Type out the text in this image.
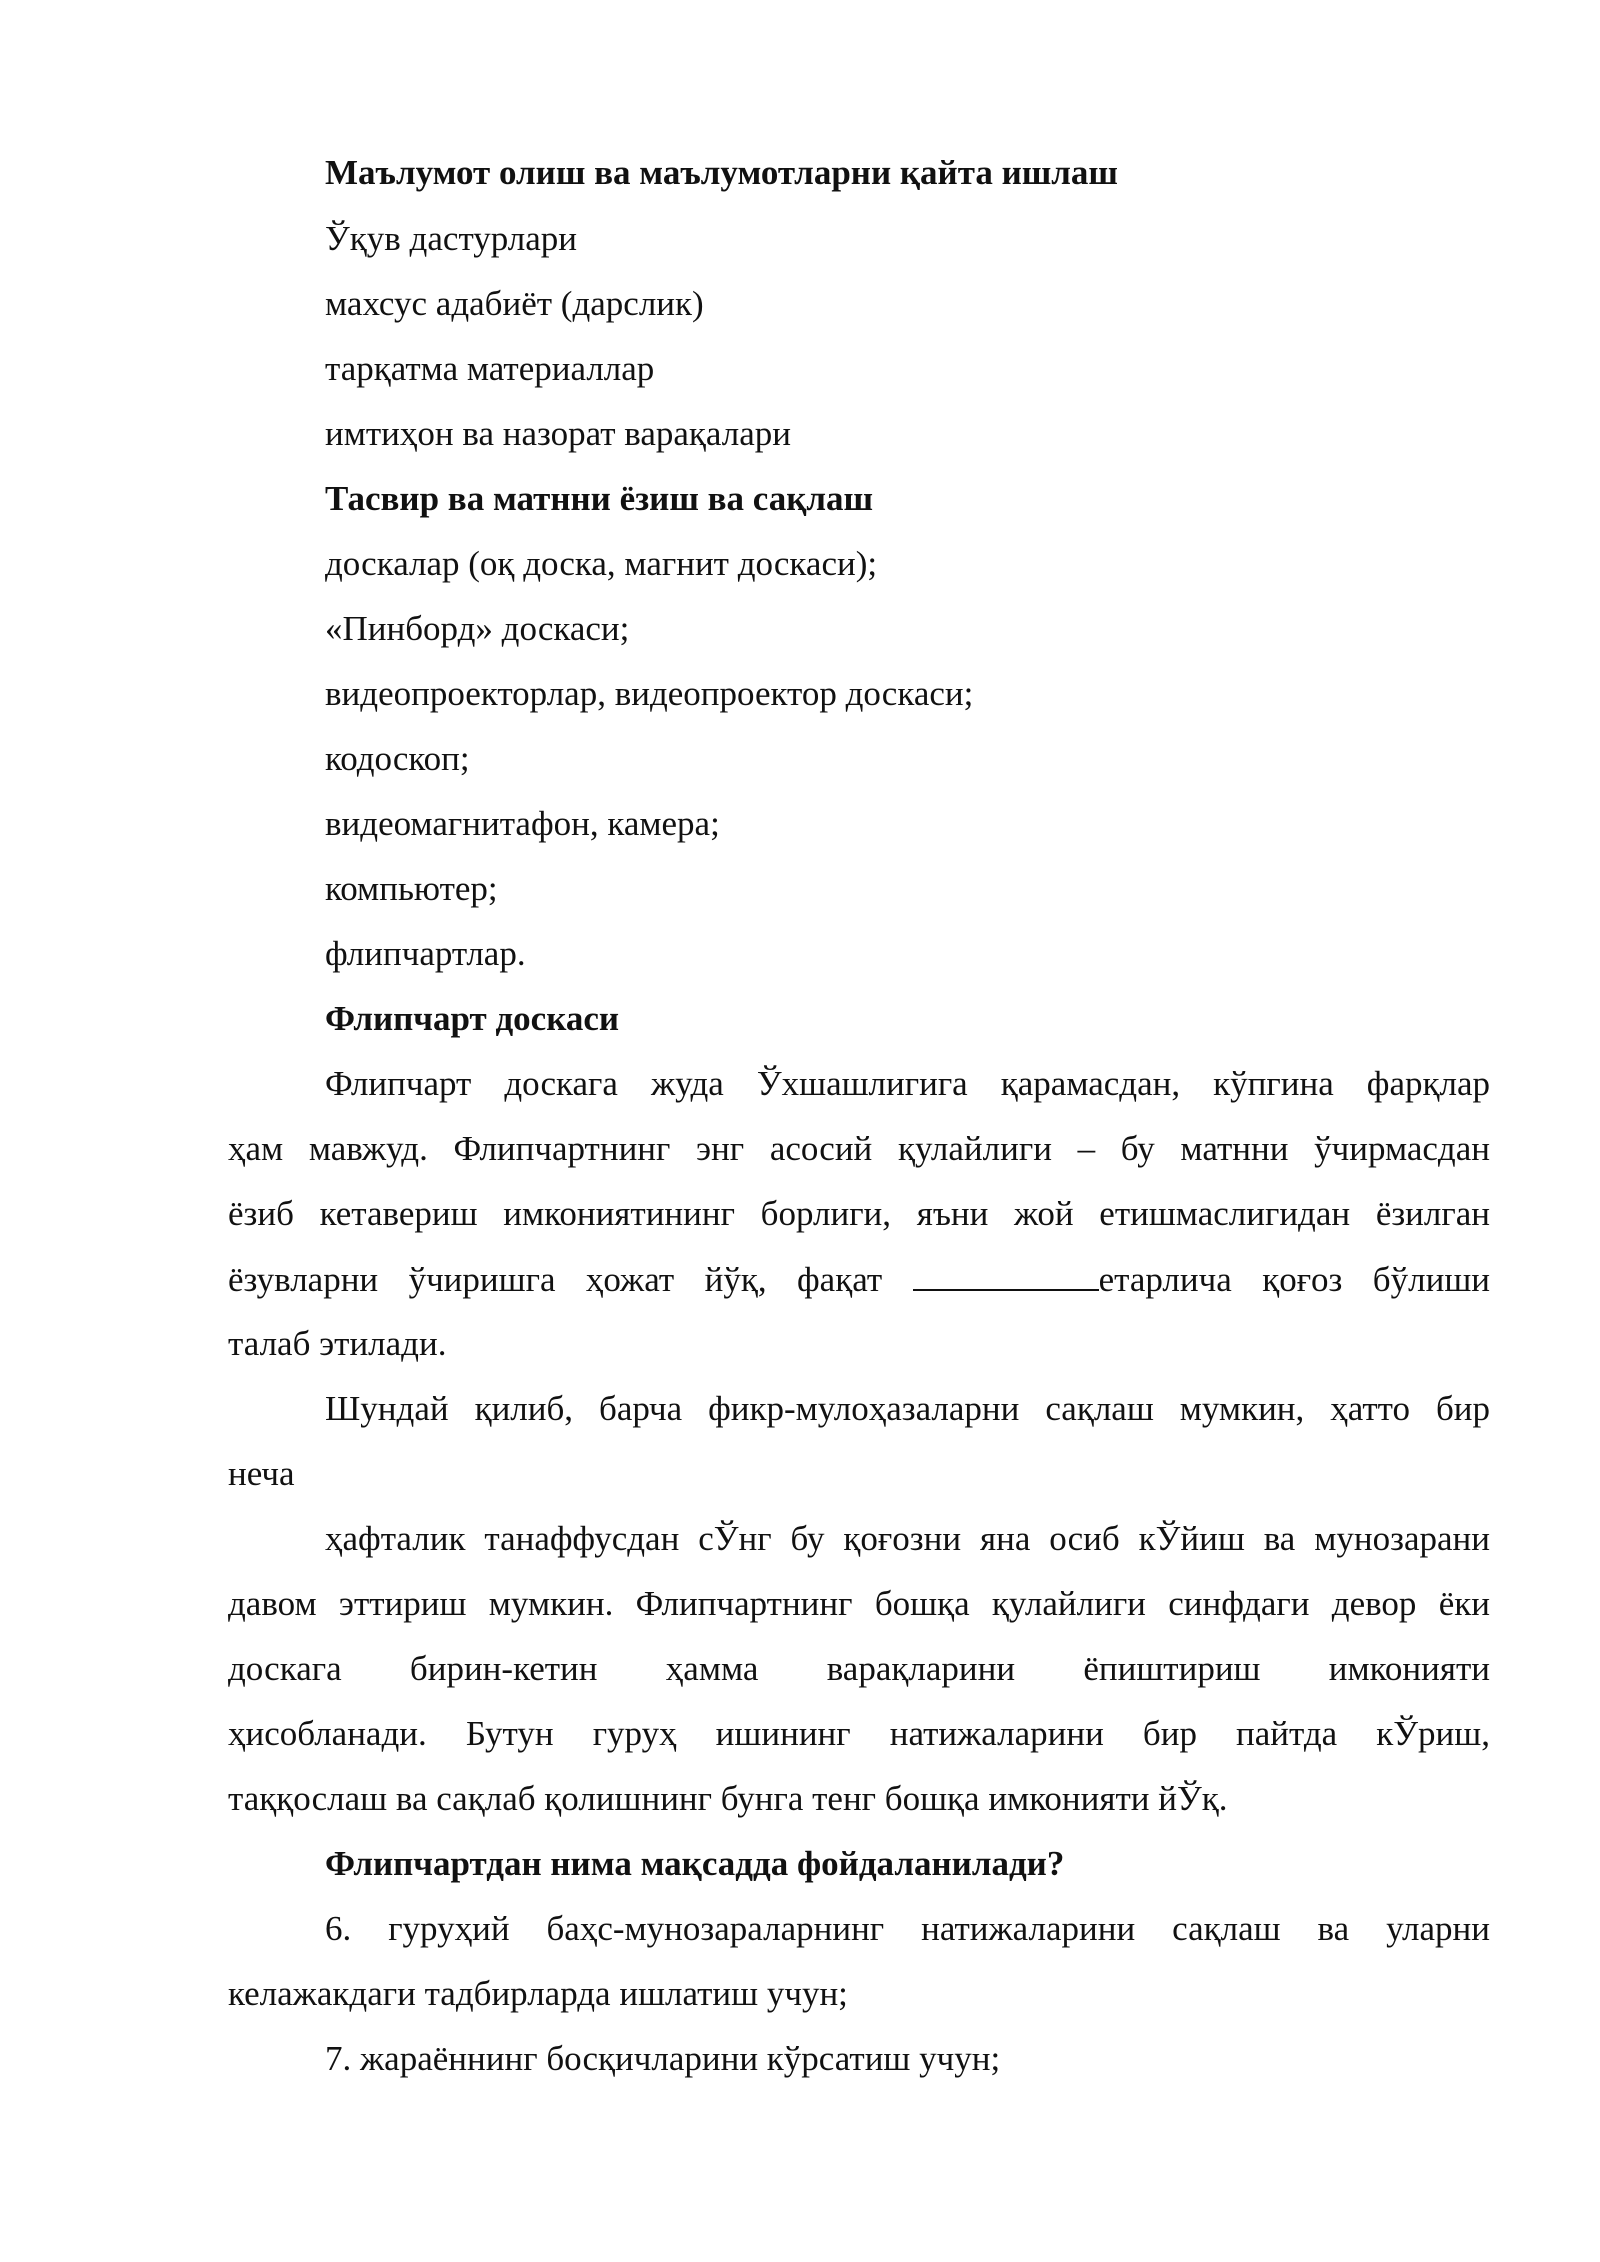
Маълумот олиш ва маълумотларни қайта ишлаш
Ўқув дастурлари
махсус адабиёт (дарслик)
тарқатма материаллар
имтиҳон ва назорат варақалари
Тасвир ва матнни ёзиш ва сақлаш
доскалар (оқ доска, магнит доскаси);
«Пинборд» доскаси;
видеопроекторлар, видеопроектор доскаси;
кодоскоп;
видеомагнитафон, камера;
компьютер;
флипчартлар.
Флипчарт доскаси
Флипчарт доскага жуда Ўхшашлигига қарамасдан, кўпгина фарқлар
ҳам мавжуд. Флипчартнинг энг асосий қулайлиги – бу матнни ўчирмасдан
ёзиб кетавериш имкониятининг борлиги, яъни жой етишмаслигидан ёзилган
ёзувларни ўчиришга ҳожат йўқ, фақат	етарлича қоғоз бўлиши
талаб этилади.
Шундай қилиб, барча фикр-мулоҳазаларни сақлаш мумкин, ҳатто бир
неча
ҳафталик танаффусдан сЎнг бу қоғозни яна осиб кЎйиш ва мунозарани
давом эттириш мумкин. Флипчартнинг бошқа қулайлиги синфдаги девор ёки
доскага бирин-кетин ҳамма варақларини ёпиштириш имконияти
ҳисобланади. Бутун гуруҳ ишининг натижаларини бир пайтда кЎриш,
таққослаш ва сақлаб қолишнинг бунга тенг бошқа имконияти йЎқ.
Флипчартдан нима мақсадда фойдаланилади?
6. гуруҳий баҳс-мунозараларнинг натижаларини сақлаш ва уларни
келажакдаги тадбирларда ишлатиш учун;
7. жараённинг босқичларини кўрсатиш учун;
